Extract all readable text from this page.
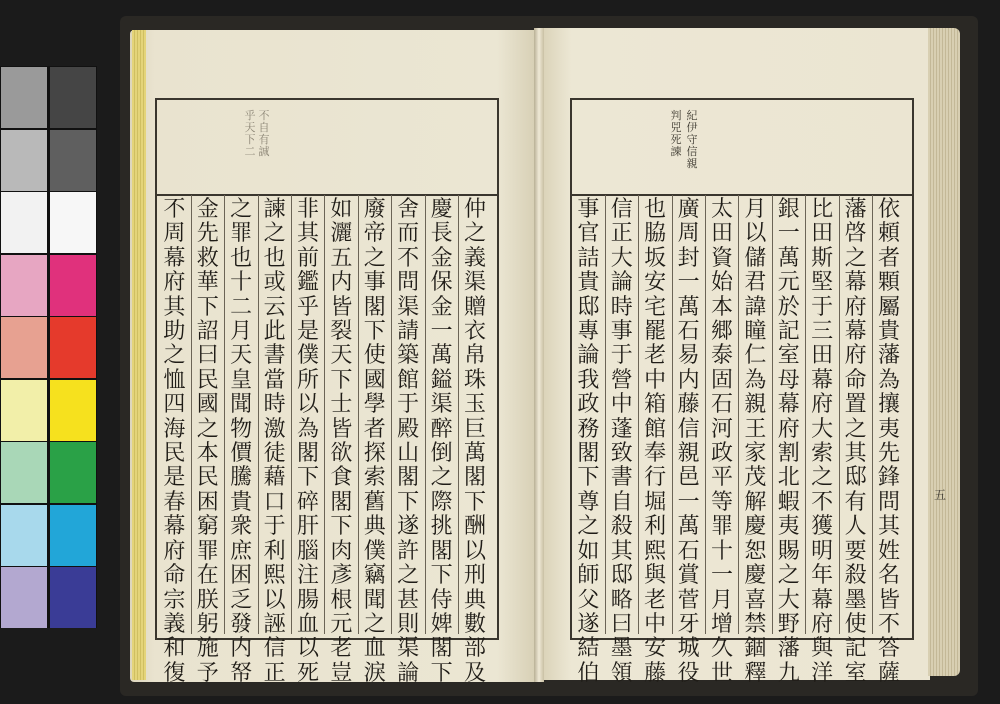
紀
伊
守
信
親
判
兕
死
諫
不
自
有
誠
乎
天
下
二
五
依
頼
者
顆
屬
貴
藩
為
攘
夷
先
鋒
問
其
姓
名
皆
不
答
薩
藩
啓
之
幕
府
幕
府
命
置
之
其
邸
有
人
要
殺
墨
使
記
室
比
田
斯
堅
于
三
田
幕
府
大
索
之
不
獲
明
年
幕
府
與
洋
銀
一
萬
元
於
記
室
母
幕
府
割
北
蝦
夷
賜
之
大
野
藩
九
月
以
儲
君
諱
瞳
仁
為
親
王
家
茂
解
慶
恕
慶
喜
禁
錮
釋
太
田
資
始
本
郷
泰
固
石
河
政
平
等
罪
十
一
月
增
久
世
廣
周
封
一
萬
石
易
内
藤
信
親
邑
一
萬
石
賞
菅
牙
城
役
也
脇
坂
安
宅
罷
老
中
箱
館
奉
行
堀
利
熙
與
老
中
安
藤
信
正
大
論
時
事
于
營
中
蓬
致
書
自
殺
其
邸
略
曰
墨
領
事
官
詰
貴
邸
專
論
我
政
務
閣
下
尊
之
如
師
父
遂
結
伯
仲
之
義
渠
贈
衣
帛
珠
玉
巨
萬
閣
下
酬
以
刑
典
數
部
及
慶
長
金
保
金
一
萬
鎰
渠
醉
倒
之
際
挑
閣
下
侍
婢
閣
下
舍
而
不
問
渠
請
築
館
于
殿
山
閣
下
遂
許
之
甚
則
渠
論
廢
帝
之
事
閣
下
使
國
學
者
探
索
舊
典
僕
竊
聞
之
血
淚
如
灑
五
内
皆
裂
天
下
士
皆
欲
食
閣
下
肉
彥
根
元
老
豈
非
其
前
鑑
乎
是
僕
所
以
為
閣
下
碎
肝
腦
注
腸
血
以
死
諫
之
也
或
云
此
書
當
時
激
徒
藉
口
于
利
熙
以
誣
信
正
之
罪
也
十
二
月
天
皇
聞
物
價
騰
貴
衆
庶
困
乏
發
内
帑
金
先
救
華
下
詔
曰
民
國
之
本
民
困
窮
罪
在
朕
躬
施
予
不
周
幕
府
其
助
之
恤
四
海
民
是
春
幕
府
命
宗
義
和
復
